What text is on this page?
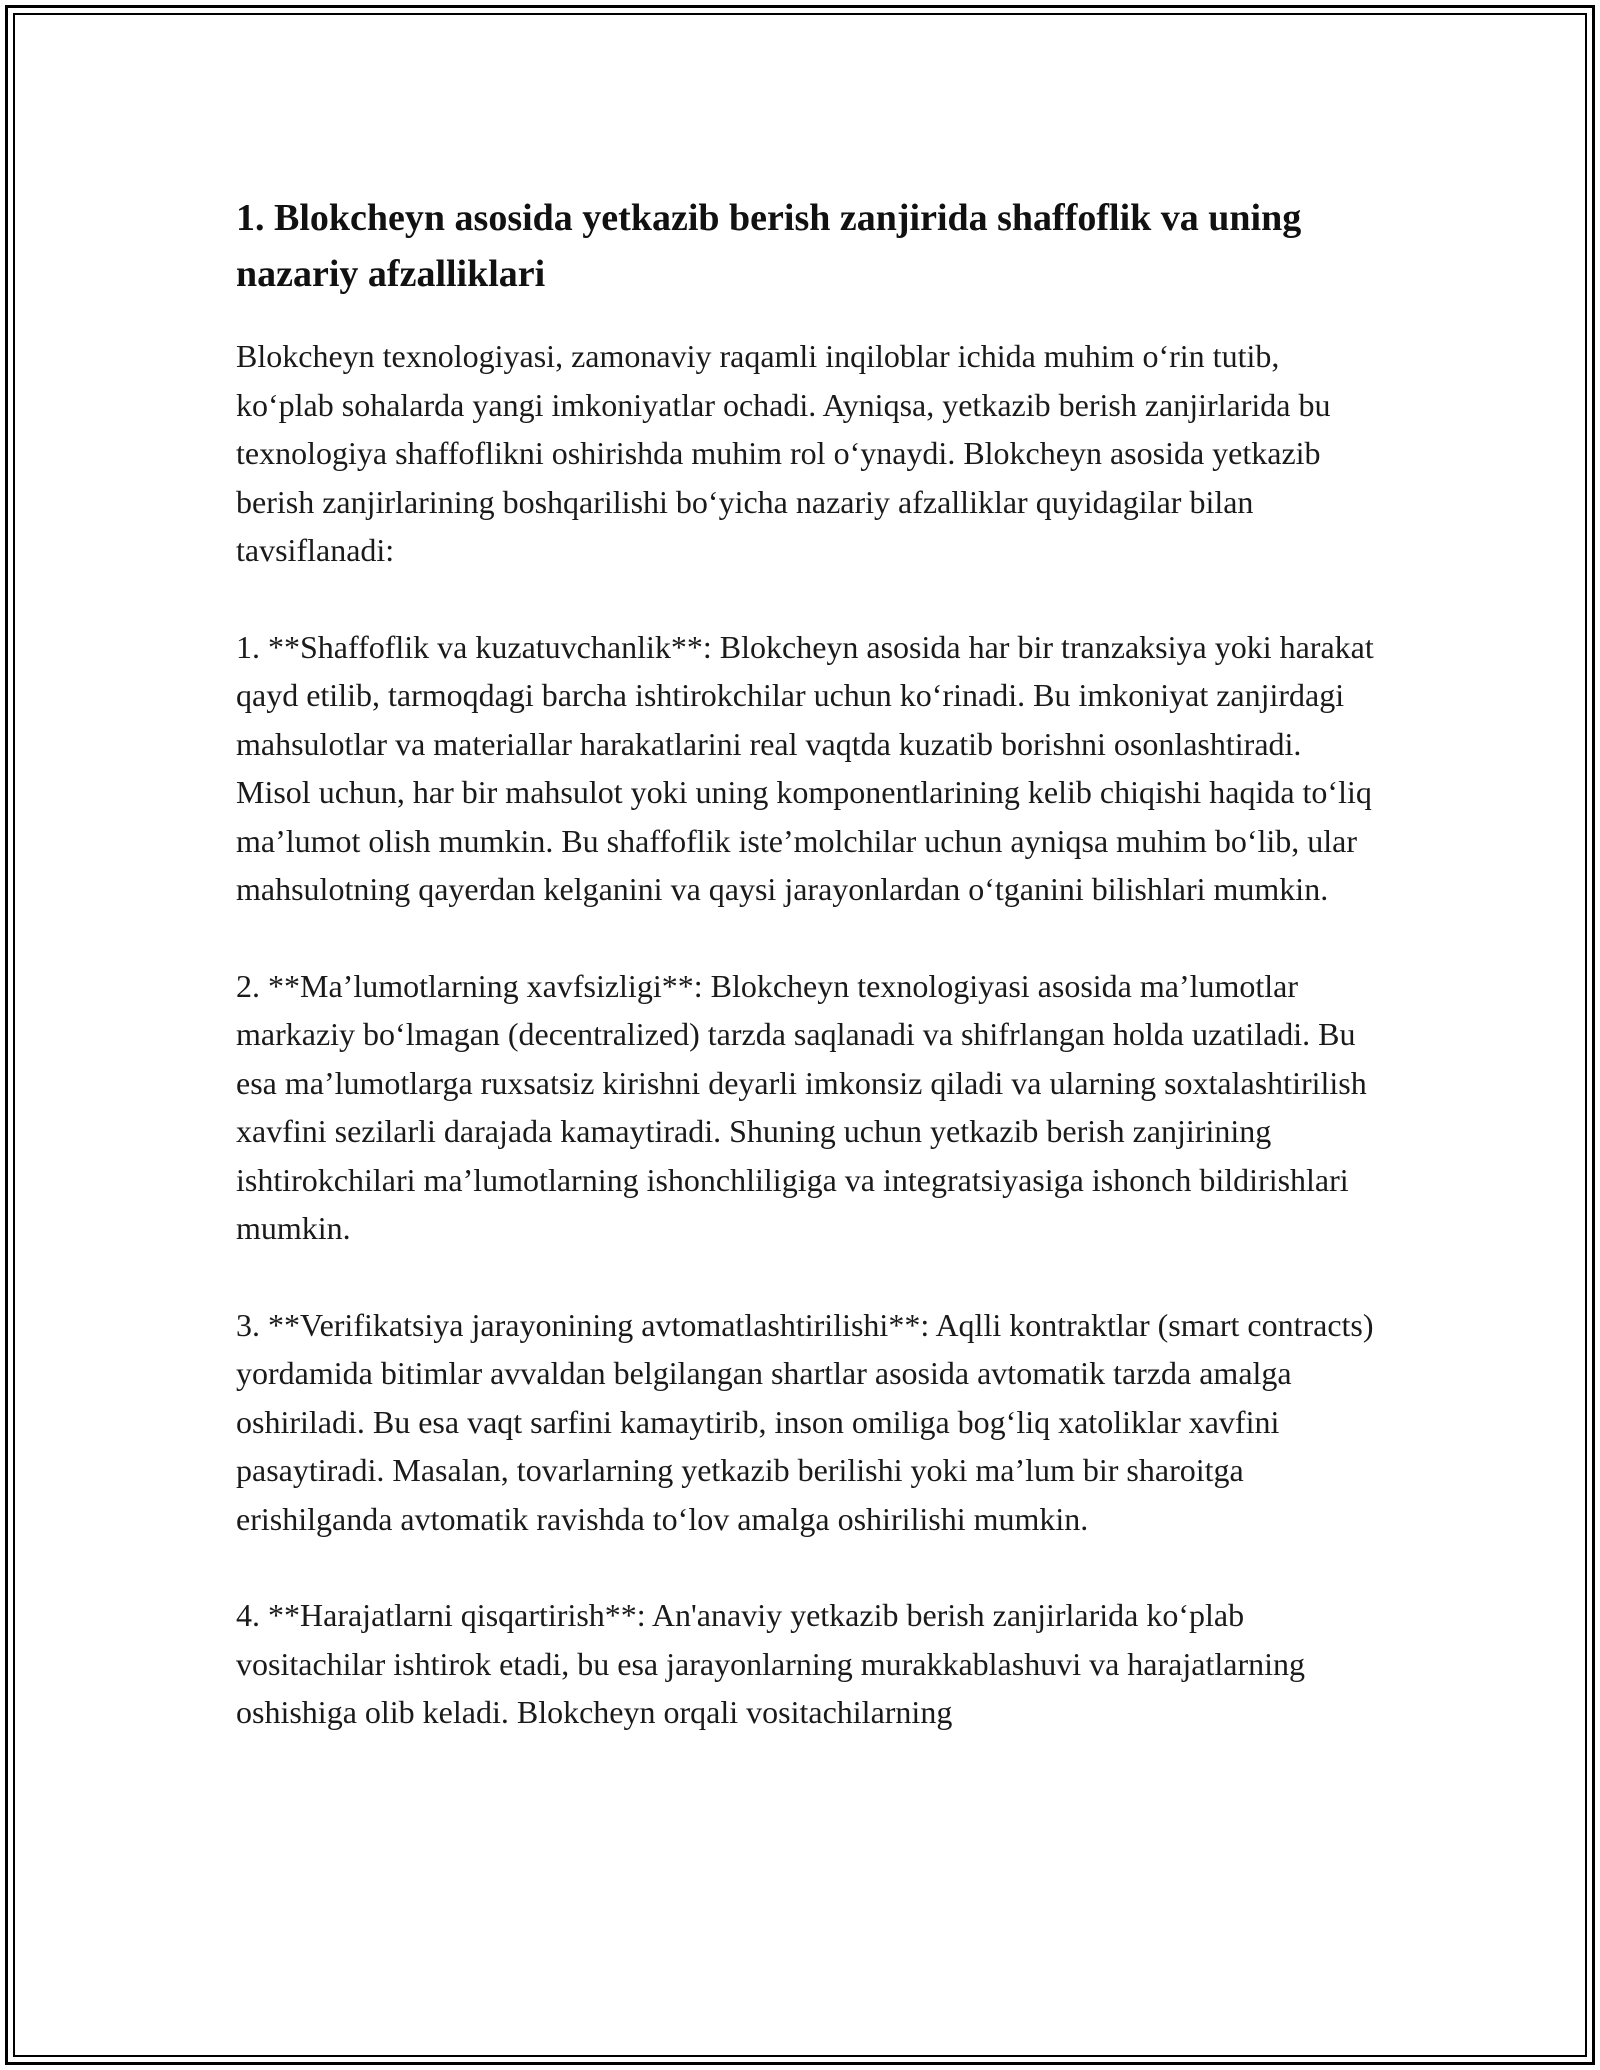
1. Blokcheyn asosida yetkazib berish zanjirida shaffoflik va uning nazariy afzalliklari

Blokcheyn texnologiyasi, zamonaviy raqamli inqiloblar ichida muhim o‘rin tutib, ko‘plab sohalarda yangi imkoniyatlar ochadi. Ayniqsa, yetkazib berish zanjirlarida bu texnologiya shaffoflikni oshirishda muhim rol o‘ynaydi. Blokcheyn asosida yetkazib berish zanjirlarining boshqarilishi bo‘yicha nazariy afzalliklar quyidagilar bilan tavsiflanadi:

1. **Shaffoflik va kuzatuvchanlik**: Blokcheyn asosida har bir tranzaksiya yoki harakat qayd etilib, tarmoqdagi barcha ishtirokchilar uchun ko‘rinadi. Bu imkoniyat zanjirdagi mahsulotlar va materiallar harakatlarini real vaqtda kuzatib borishni osonlashtiradi. Misol uchun, har bir mahsulot yoki uning komponentlarining kelib chiqishi haqida to‘liq ma’lumot olish mumkin. Bu shaffoflik iste’molchilar uchun ayniqsa muhim bo‘lib, ular mahsulotning qayerdan kelganini va qaysi jarayonlardan o‘tganini bilishlari mumkin.

2. **Ma’lumotlarning xavfsizligi**: Blokcheyn texnologiyasi asosida ma’lumotlar markaziy bo‘lmagan (decentralized) tarzda saqlanadi va shifrlangan holda uzatiladi. Bu esa ma’lumotlarga ruxsatsiz kirishni deyarli imkonsiz qiladi va ularning soxtalashtirilish xavfini sezilarli darajada kamaytiradi. Shuning uchun yetkazib berish zanjirining ishtirokchilari ma’lumotlarning ishonchliligiga va integratsiyasiga ishonch bildirishlari mumkin.

3. **Verifikatsiya jarayonining avtomatlashtirilishi**: Aqlli kontraktlar (smart contracts) yordamida bitimlar avvaldan belgilangan shartlar asosida avtomatik tarzda amalga oshiriladi. Bu esa vaqt sarfini kamaytirib, inson omiliga bog‘liq xatoliklar xavfini pasaytiradi. Masalan, tovarlarning yetkazib berilishi yoki ma’lum bir sharoitga erishilganda avtomatik ravishda to‘lov amalga oshirilishi mumkin.

4. **Harajatlarni qisqartirish**: An'anaviy yetkazib berish zanjirlarida ko‘plab vositachilar ishtirok etadi, bu esa jarayonlarning murakkablashuvi va harajatlarning oshishiga olib keladi. Blokcheyn orqali vositachilarning
